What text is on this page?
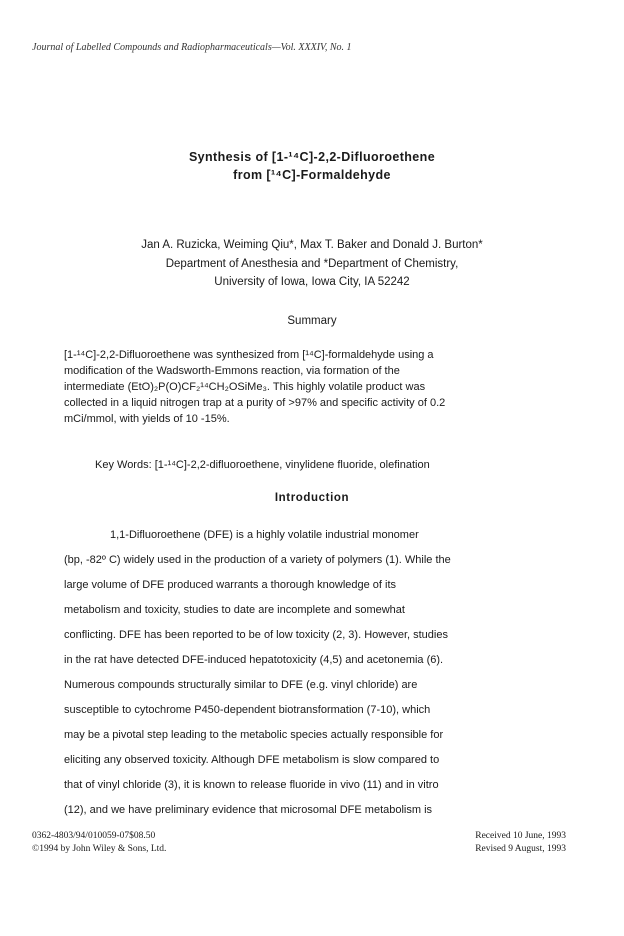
Journal of Labelled Compounds and Radiopharmaceuticals—Vol. XXXIV, No. 1
Synthesis of [1-¹⁴C]-2,2-Difluoroethene
from [¹⁴C]-Formaldehyde
Jan A. Ruzicka, Weiming Qiu*, Max T. Baker and Donald J. Burton*
Department of Anesthesia and *Department of Chemistry,
University of Iowa, Iowa City, IA 52242
Summary
[1-¹⁴C]-2,2-Difluoroethene was synthesized from [¹⁴C]-formaldehyde using a
modification of the Wadsworth-Emmons reaction, via formation of the
intermediate (EtO)₂P(O)CF₂¹⁴CH₂OSiMe₃. This highly volatile product was
collected in a liquid nitrogen trap at a purity of >97% and specific activity of 0.2
mCi/mmol, with yields of 10 -15%.
Key Words: [1-¹⁴C]-2,2-difluoroethene, vinylidene fluoride, olefination
Introduction
1,1-Difluoroethene (DFE) is a highly volatile industrial monomer
(bp, -82º C) widely used in the production of a variety of polymers (1). While the
large volume of DFE produced warrants a thorough knowledge of its
metabolism and toxicity, studies to date are incomplete and somewhat
conflicting. DFE has been reported to be of low toxicity (2, 3). However, studies
in the rat have detected DFE-induced hepatotoxicity (4,5) and acetonemia (6).
Numerous compounds structurally similar to DFE (e.g. vinyl chloride) are
susceptible to cytochrome P450-dependent biotransformation (7-10), which
may be a pivotal step leading to the metabolic species actually responsible for
eliciting any observed toxicity. Although DFE metabolism is slow compared to
that of vinyl chloride (3), it is known to release fluoride in vivo (11) and in vitro
(12), and we have preliminary evidence that microsomal DFE metabolism is
0362-4803/94/010059-07$08.50
©1994 by John Wiley & Sons, Ltd.
Received 10 June, 1993
Revised 9 August, 1993
